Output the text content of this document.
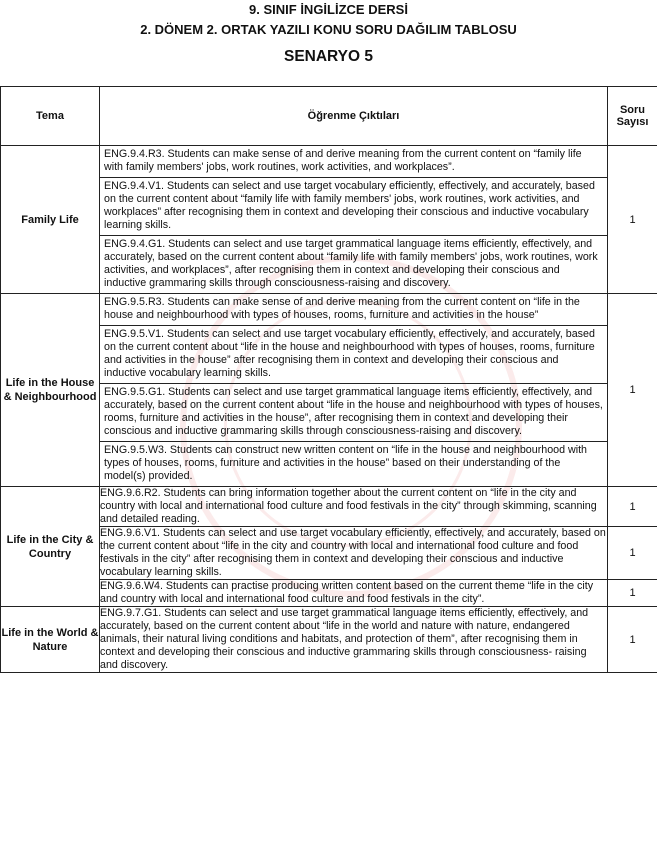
9. SINIF İNGİLİZCE DERSİ
2. DÖNEM 2. ORTAK YAZILI KONU SORU DAĞILIM TABLOSU
SENARYO 5
Tema	Öğrenme Çıktıları	Soru Sayısı
Family Life	ENG.9.4.R3. Students can make sense of and derive meaning from the current content on “family life with family members' jobs, work routines, work activities, and workplaces”.
ENG.9.4.V1. Students can select and use target vocabulary efficiently, effectively, and accurately, based on the current content about “family life with family members' jobs, work routines, work activities, and workplaces” after recognising them in context and developing their conscious and inductive vocabulary learning skills.
ENG.9.4.G1. Students can select and use target grammatical language items efficiently, effectively, and accurately, based on the current content about “family life with family members' jobs, work routines, work activities, and workplaces”, after recognising them in context and developing their conscious and inductive grammaring skills through consciousness-raising and discovery.	1
Life in the House & Neighbourhood	ENG.9.5.R3. Students can make sense of and derive meaning from the current content on “life in the house and neighbourhood with types of houses, rooms, furniture and activities in the house”
ENG.9.5.V1. Students can select and use target vocabulary efficiently, effectively, and accurately, based on the current content about “life in the house and neighbourhood with types of houses, rooms, furniture and activities in the house” after recognising them in context and developing their conscious and inductive vocabulary learning skills.
ENG.9.5.G1. Students can select and use target grammatical language items efficiently, effectively, and accurately, based on the current content about “life in the house and neighbourhood with types of houses, rooms, furniture and activities in the house”, after recognising them in context and developing their conscious and inductive grammaring skills through consciousness-raising and discovery.
ENG.9.5.W3. Students can construct new written content on “life in the house and neighbourhood with types of houses, rooms, furniture and activities in the house” based on their understanding of the model(s) provided.	1
Life in the City & Country	ENG.9.6.R2. Students can bring information together about the current content on “life in the city and country with local and international food culture and food festivals in the city” through skimming, scanning and detailed reading.	1
	ENG.9.6.V1. Students can select and use target vocabulary efficiently, effectively, and accurately, based on the current content about “life in the city and country with local and international food culture and food festivals in the city” after recognising them in context and developing their conscious and inductive vocabulary learning skills.	1
	ENG.9.6.W4. Students can practise producing written content based on the current theme “life in the city and country with local and international food culture and food festivals in the city”.	1
Life in the World & Nature	ENG.9.7.G1. Students can select and use target grammatical language items efficiently, effectively, and accurately, based on the current content about “life in the world and nature with nature, endangered animals, their natural living conditions and habitats, and protection of them”, after recognising them in context and developing their conscious and inductive grammaring skills through consciousness- raising and discovery.	1
